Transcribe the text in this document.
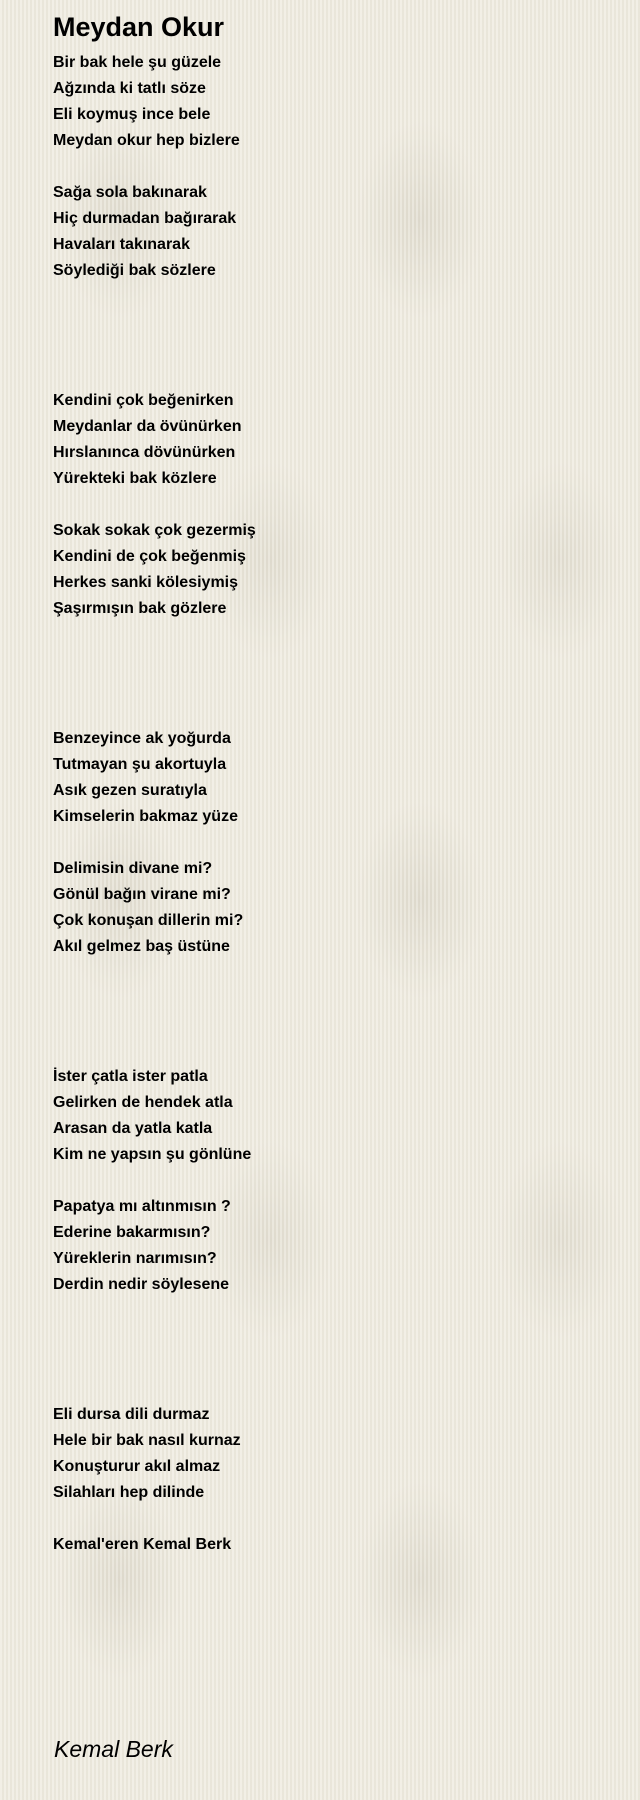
Meydan Okur
Bir bak hele şu güzele
Ağzında ki tatlı söze
Eli koymuş ince bele
Meydan okur hep bizlere
Sağa sola bakınarak
Hiç durmadan bağırarak
Havaları takınarak
Söylediği bak sözlere
Kendini çok beğenirken
Meydanlar da övünürken
Hırslanınca dövünürken
Yürekteki bak közlere
Sokak sokak çok gezermiş
Kendini de çok beğenmiş
Herkes sanki kölesiymiş
Şaşırmışın bak gözlere
Benzeyince ak yoğurda
Tutmayan şu akortuyla
Asık gezen suratıyla
Kimselerin bakmaz yüze
Delimisin divane mi?
Gönül bağın virane mi?
Çok konuşan dillerin mi?
Akıl gelmez baş üstüne
İster çatla ister patla
Gelirken de hendek atla
Arasan da yatla katla
Kim ne yapsın şu gönlüne
Papatya mı altınmısın ?
Ederine bakarmısın?
Yüreklerin narımısın?
Derdin nedir söylesene
Eli dursa dili durmaz
Hele bir bak nasıl kurnaz
Konuşturur akıl almaz
Silahları hep dilinde
Kemal'eren Kemal Berk
Kemal Berk
